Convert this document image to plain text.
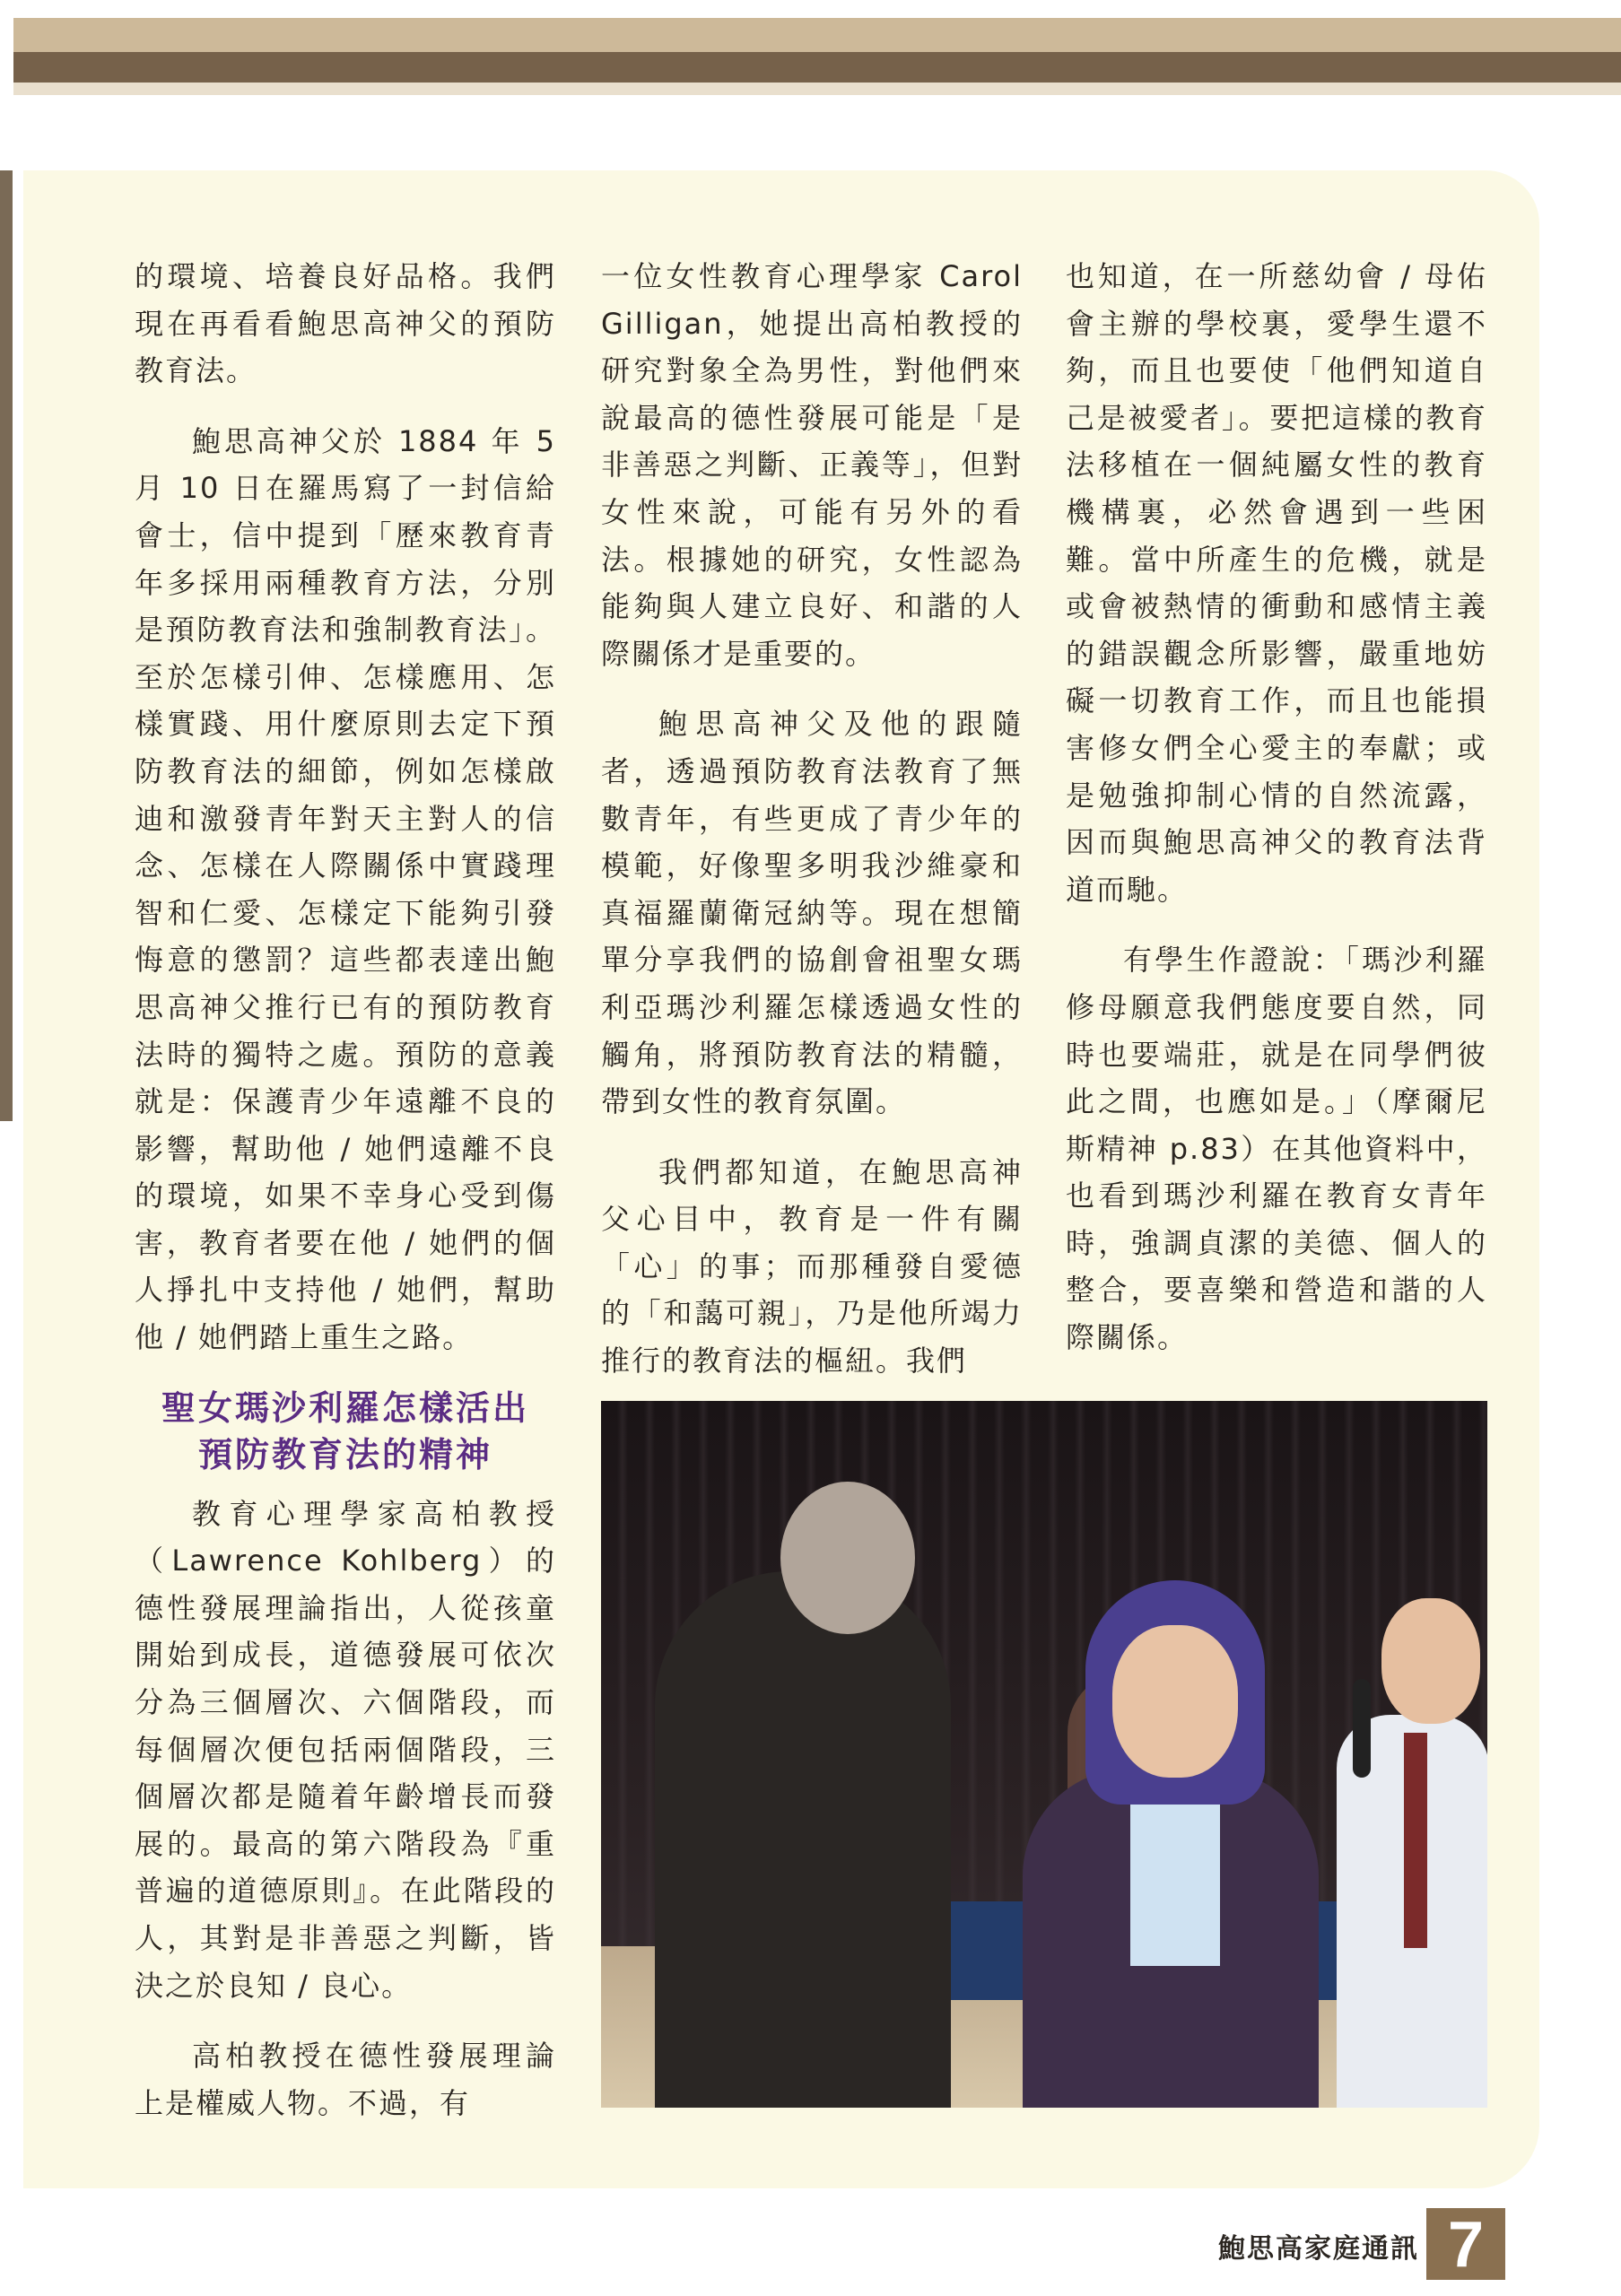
的環境、培養良好品格。我們現在再看看鮑思高神父的預防教育法。

鮑思高神父於 1884 年 5 月 10 日在羅馬寫了一封信給會士，信中提到「歷來教育青年多採用兩種教育方法，分別是預防教育法和強制教育法」。至於怎樣引伸、怎樣應用、怎樣實踐、用什麼原則去定下預防教育法的細節，例如怎樣啟迪和激發青年對天主對人的信念、怎樣在人際關係中實踐理智和仁愛、怎樣定下能夠引發悔意的懲罰？這些都表達出鮑思高神父推行已有的預防教育法時的獨特之處。預防的意義就是：保護青少年遠離不良的影響，幫助他 / 她們遠離不良的環境，如果不幸身心受到傷害，教育者要在他 / 她們的個人掙扎中支持他 / 她們，幫助他 / 她們踏上重生之路。

聖女瑪沙利羅怎樣活出
預防教育法的精神

教育心理學家高柏教授（Lawrence Kohlberg）的德性發展理論指出，人從孩童開始到成長，道德發展可依次分為三個層次、六個階段，而每個層次便包括兩個階段，三個層次都是隨着年齡增長而發展的。最高的第六階段為『重普遍的道德原則』。在此階段的人，其對是非善惡之判斷，皆決之於良知 / 良心。

高柏教授在德性發展理論上是權威人物。不過，有

一位女性教育心理學家 Carol Gilligan，她提出高柏教授的研究對象全為男性，對他們來說最高的德性發展可能是「是非善惡之判斷、正義等」，但對女性來說，可能有另外的看法。根據她的研究，女性認為能夠與人建立良好、和諧的人際關係才是重要的。

鮑思高神父及他的跟隨者，透過預防教育法教育了無數青年，有些更成了青少年的模範，好像聖多明我沙維豪和真福羅蘭衛冠納等。現在想簡單分享我們的協創會祖聖女瑪利亞瑪沙利羅怎樣透過女性的觸角，將預防教育法的精髓，帶到女性的教育氛圍。

我們都知道，在鮑思高神父心目中，教育是一件有關「心」的事；而那種發自愛德的「和藹可親」，乃是他所竭力推行的教育法的樞紐。我們

也知道，在一所慈幼會 / 母佑會主辦的學校裏，愛學生還不夠，而且也要使「他們知道自己是被愛者」。要把這樣的教育法移植在一個純屬女性的教育機構裏，必然會遇到一些困難。當中所產生的危機，就是或會被熱情的衝動和感情主義的錯誤觀念所影響，嚴重地妨礙一切教育工作，而且也能損害修女們全心愛主的奉獻；或是勉強抑制心情的自然流露，因而與鮑思高神父的教育法背道而馳。

有學生作證說：「瑪沙利羅修母願意我們態度要自然，同時也要端莊，就是在同學們彼此之間，也應如是。」（摩爾尼斯精神 p.83）在其他資料中，也看到瑪沙利羅在教育女青年時，強調貞潔的美德、個人的整合，要喜樂和營造和諧的人際關係。

鮑思高家庭通訊 7
